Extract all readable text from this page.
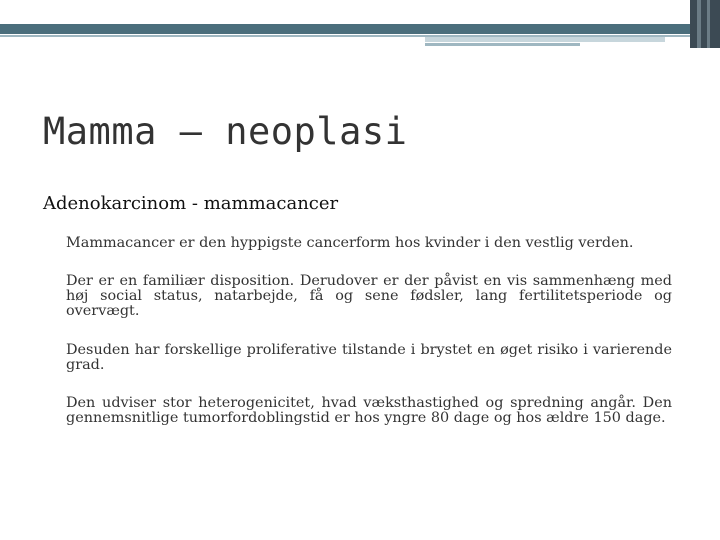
Mamma – neoplasi
Adenokarcinom - mammacancer
Mammacancer er den hyppigste cancerform hos kvinder i den vestlig verden.
Der er en familiær disposition. Derudover er der påvist en vis sammenhæng med høj social status, natarbejde, få og sene fødsler, lang fertilitetsperiode og overvægt.
Desuden har forskellige proliferative tilstande i brystet en øget risiko i varierende grad.
Den udviser stor heterogenicitet, hvad væksthastighed og spredning angår. Den gennemsnitlige tumorfordoblingstid er hos yngre 80 dage og hos ældre 150 dage.
